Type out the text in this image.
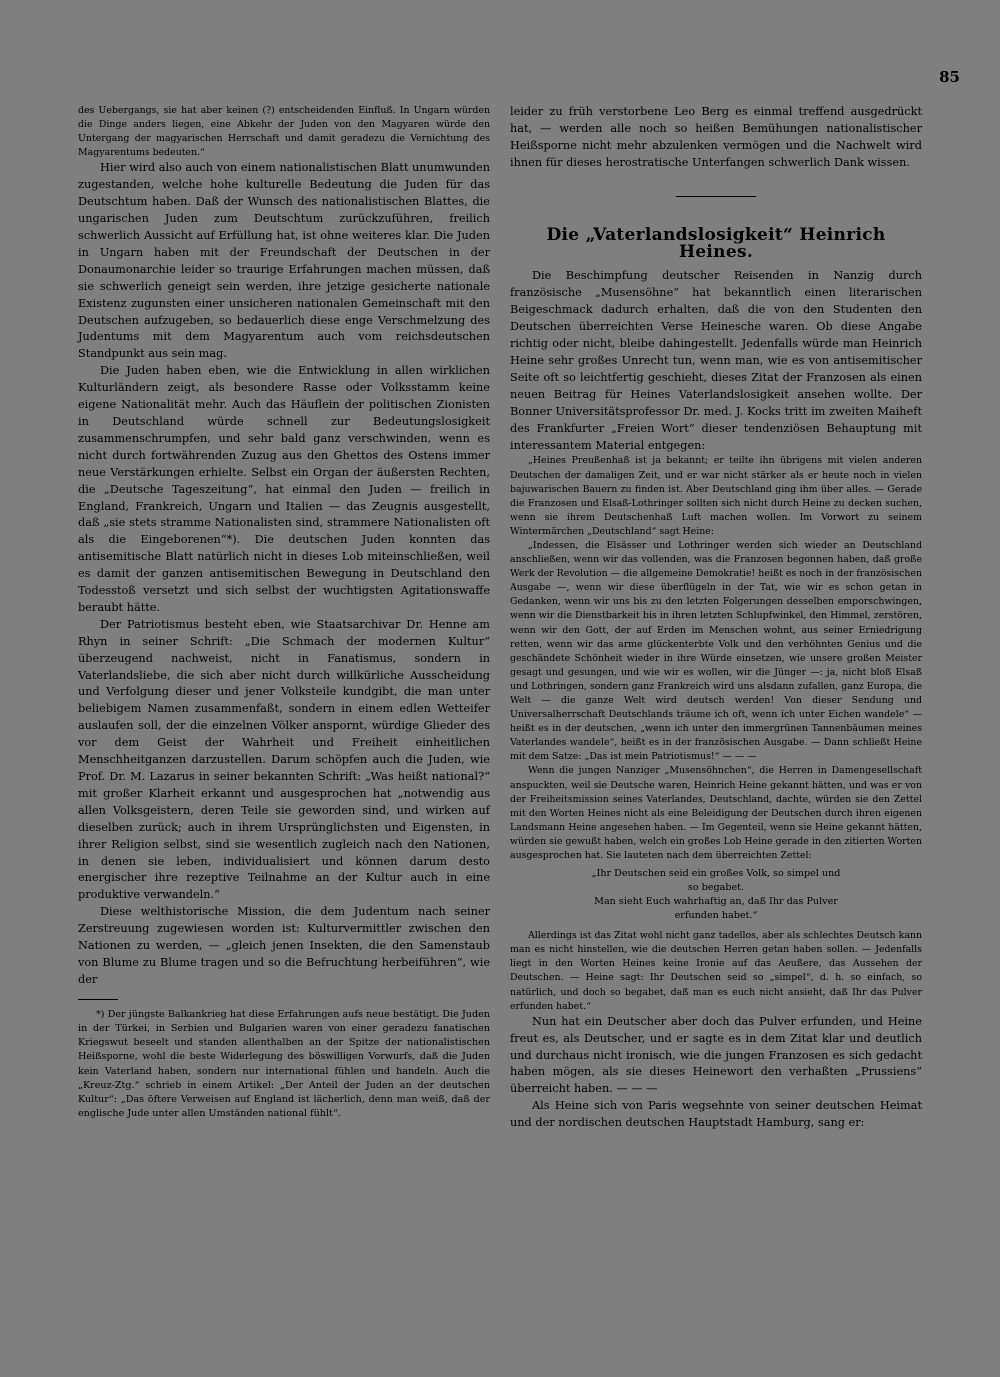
85

des Uebergangs, sie hat aber keinen (?) entscheidenden Einfluß. In Ungarn würden die Dinge anders liegen, eine Abkehr der Juden von den Magyaren würde den Untergang der magyarischen Herrschaft und damit geradezu die Vernichtung des Magyarentums bedeuten.“

Hier wird also auch von einem nationalistischen Blatt unumwunden zugestanden, welche hohe kulturelle Bedeutung die Juden für das Deutschtum haben. Daß der Wunsch des nationalistischen Blattes, die ungarischen Juden zum Deutschtum zurückzuführen, freilich schwerlich Aussicht auf Erfüllung hat, ist ohne weiteres klar. Die Juden in Ungarn haben mit der Freundschaft der Deutschen in der Donaumonarchie leider so traurige Erfahrungen machen müssen, daß sie schwerlich geneigt sein werden, ihre jetzige gesicherte nationale Existenz zugunsten einer unsicheren nationalen Gemeinschaft mit den Deutschen aufzugeben, so bedauerlich diese enge Verschmelzung des Judentums mit dem Magyarentum auch vom reichsdeutschen Standpunkt aus sein mag.

Die Juden haben eben, wie die Entwicklung in allen wirklichen Kulturländern zeigt, als besondere Rasse oder Volksstamm keine eigene Nationalität mehr. Auch das Häuflein der politischen Zionisten in Deutschland würde schnell zur Bedeutungslosigkeit zusammenschrumpfen, und sehr bald ganz verschwinden, wenn es nicht durch fortwährenden Zuzug aus den Ghettos des Ostens immer neue Verstärkungen erhielte. Selbst ein Organ der äußersten Rechten, die „Deutsche Tageszeitung“, hat einmal den Juden — freilich in England, Frankreich, Ungarn und Italien — das Zeugnis ausgestellt, daß „sie stets stramme Nationalisten sind, strammere Nationalisten oft als die Eingeborenen“*). Die deutschen Juden konnten das antisemitische Blatt natürlich nicht in dieses Lob miteinschließen, weil es damit der ganzen antisemitischen Bewegung in Deutschland den Todesstoß versetzt und sich selbst der wuchtigsten Agitationswaffe beraubt hätte.

Der Patriotismus besteht eben, wie Staatsarchivar Dr. Henne am Rhyn in seiner Schrift: „Die Schmach der modernen Kultur“ überzeugend nachweist, nicht in Fanatismus, sondern in Vaterlandsliebe, die sich aber nicht durch willkürliche Ausscheidung und Verfolgung dieser und jener Volksteile kundgibt, die man unter beliebigem Namen zusammenfaßt, sondern in einem edlen Wetteifer auslaufen soll, der die einzelnen Völker anspornt, würdige Glieder des vor dem Geist der Wahrheit und Freiheit einheitlichen Menschheitganzen darzustellen. Darum schöpfen auch die Juden, wie Prof. Dr. M. Lazarus in seiner bekannten Schrift: „Was heißt national?“ mit großer Klarheit erkannt und ausgesprochen hat „notwendig aus allen Volksgeistern, deren Teile sie geworden sind, und wirken auf dieselben zurück; auch in ihrem Ursprünglichsten und Eigensten, in ihrer Religion selbst, sind sie wesentlich zugleich nach den Nationen, in denen sie leben, individualisiert und können darum desto energischer ihre rezeptive Teilnahme an der Kultur auch in eine produktive verwandeln.“

Diese welthistorische Mission, die dem Judentum nach seiner Zerstreuung zugewiesen worden ist: Kulturvermittler zwischen den Nationen zu werden, — „gleich jenen Insekten, die den Samenstaub von Blume zu Blume tragen und so die Befruchtung herbeiführen“, wie der

*) Der jüngste Balkankrieg hat diese Erfahrungen aufs neue bestätigt. Die Juden in der Türkei, in Serbien und Bulgarien waren von einer geradezu fanatischen Kriegswut beseelt und standen allenthalben an der Spitze der nationalistischen Heißsporne, wohl die beste Widerlegung des böswilligen Vorwurfs, daß die Juden kein Vaterland haben, sondern nur international fühlen und handeln. Auch die „Kreuz-Ztg.“ schrieb in einem Artikel: „Der Anteil der Juden an der deutschen Kultur“: „Das öftere Verweisen auf England ist lächerlich, denn man weiß, daß der englische Jude unter allen Umständen national fühlt“.

leider zu früh verstorbene Leo Berg es einmal treffend ausgedrückt hat, — werden alle noch so heißen Bemühungen nationalistischer Heißsporne nicht mehr abzulenken vermögen und die Nachwelt wird ihnen für dieses herostratische Unterfangen schwerlich Dank wissen.

Die „Vaterlandslosigkeit“ Heinrich Heines.

Die Beschimpfung deutscher Reisenden in Nanzig durch französische „Musensöhne“ hat bekanntlich einen literarischen Beigeschmack dadurch erhalten, daß die von den Studenten den Deutschen überreichten Verse Heinesche waren. Ob diese Angabe richtig oder nicht, bleibe dahingestellt. Jedenfalls würde man Heinrich Heine sehr großes Unrecht tun, wenn man, wie es von antisemitischer Seite oft so leichtfertig geschieht, dieses Zitat der Franzosen als einen neuen Beitrag für Heines Vaterlandslosigkeit ansehen wollte. Der Bonner Universitätsprofessor Dr. med. J. Kocks tritt im zweiten Maiheft des Frankfurter „Freien Wort“ dieser tendenziösen Behauptung mit interessantem Material entgegen:

„Heines Preußenhaß ist ja bekannt; er teilte ihn übrigens mit vielen anderen Deutschen der damaligen Zeit, und er war nicht stärker als er heute noch in vielen bajuwarischen Bauern zu finden ist. Aber Deutschland ging ihm über alles. — Gerade die Franzosen und Elsaß-Lothringer sollten sich nicht durch Heine zu decken suchen, wenn sie ihrem Deutschenhaß Luft machen wollen. Im Vorwort zu seinem Wintermärchen „Deutschland“ sagt Heine:

„Indessen, die Elsässer und Lothringer werden sich wieder an Deutschland anschließen, wenn wir das vollenden, was die Franzosen begonnen haben, daß große Werk der Revolution — die allgemeine Demokratie! heißt es noch in der französischen Ausgabe —, wenn wir diese überflügeln in der Tat, wie wir es schon getan in Gedanken, wenn wir uns bis zu den letzten Folgerungen desselben emporschwingen, wenn wir die Dienstbarkeit bis in ihren letzten Schlupfwinkel, den Himmel, zerstören, wenn wir den Gott, der auf Erden im Menschen wohnt, aus seiner Erniedrigung retten, wenn wir das arme glückenterbte Volk und den verhöhnten Genius und die geschändete Schönheit wieder in ihre Würde einsetzen, wie unsere großen Meister gesagt und gesungen, und wie wir es wollen, wir die Jünger —: ja, nicht bloß Elsaß und Lothringen, sondern ganz Frankreich wird uns alsdann zufallen, ganz Europa, die Welt — die ganze Welt wird deutsch werden! Von dieser Sendung und Universalherrschaft Deutschlands träume ich oft, wenn ich unter Eichen wandele“ — heißt es in der deutschen, „wenn ich unter den immergrünen Tannenbäumen meines Vaterlandes wandele“, heißt es in der französischen Ausgabe. — Dann schließt Heine mit dem Satze: „Das ist mein Patriotismus!“ — — —

Wenn die jungen Nanziger „Musensöhnchen“, die Herren in Damengesellschaft anspuckten, weil sie Deutsche waren, Heinrich Heine gekannt hätten, und was er von der Freiheitsmission seines Vaterlandes, Deutschland, dachte, würden sie den Zettel mit den Worten Heines nicht als eine Beleidigung der Deutschen durch ihren eigenen Landsmann Heine angesehen haben. — Im Gegenteil, wenn sie Heine gekannt hätten, würden sie gewußt haben, welch ein großes Lob Heine gerade in den zitierten Worten ausgesprochen hat. Sie lauteten nach dem überreichten Zettel:

„Ihr Deutschen seid ein großes Volk, so simpel und
so begabet.
Man sieht Euch wahrhaftig an, daß Ihr das Pulver
erfunden habet.“

Allerdings ist das Zitat wohl nicht ganz tadellos, aber als schlechtes Deutsch kann man es nicht hinstellen, wie die deutschen Herren getan haben sollen. — Jedenfalls liegt in den Worten Heines keine Ironie auf das Aeußere, das Aussehen der Deutschen. — Heine sagt: Ihr Deutschen seid so „simpel“, d. h. so einfach, so natürlich, und doch so begabet, daß man es euch nicht ansieht, daß Ihr das Pulver erfunden habet.“

Nun hat ein Deutscher aber doch das Pulver erfunden, und Heine freut es, als Deutscher, und er sagte es in dem Zitat klar und deutlich und durchaus nicht ironisch, wie die jungen Franzosen es sich gedacht haben mögen, als sie dieses Heinewort den verhaßten „Prussiens“ überreicht haben. — — —

Als Heine sich von Paris wegsehnte von seiner deutschen Heimat und der nordischen deutschen Hauptstadt Hamburg, sang er:
